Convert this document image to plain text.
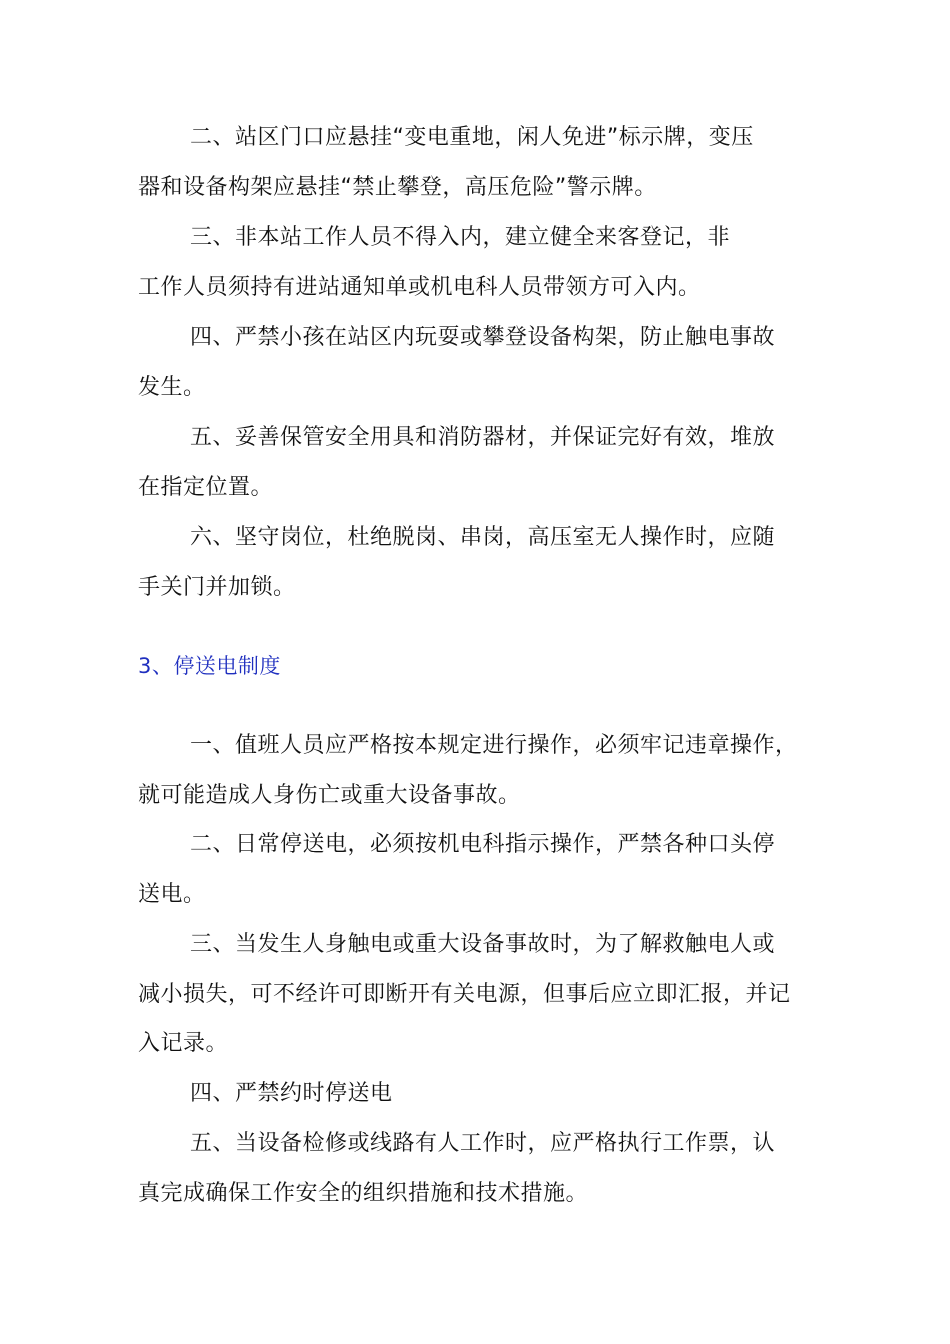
二、站区门口应悬挂“变电重地，闲人免进”标示牌，变压
器和设备构架应悬挂“禁止攀登，高压危险”警示牌。
三、非本站工作人员不得入内，建立健全来客登记，非
工作人员须持有进站通知单或机电科人员带领方可入内。
四、严禁小孩在站区内玩耍或攀登设备构架，防止触电事故
发生。
五、妥善保管安全用具和消防器材，并保证完好有效，堆放
在指定位置。
六、坚守岗位，杜绝脱岗、串岗，高压室无人操作时，应随
手关门并加锁。
3、停送电制度
一、值班人员应严格按本规定进行操作，必须牢记违章操作，
就可能造成人身伤亡或重大设备事故。
二、日常停送电，必须按机电科指示操作，严禁各种口头停
送电。
三、当发生人身触电或重大设备事故时，为了解救触电人或
减小损失，可不经许可即断开有关电源，但事后应立即汇报，并记
入记录。
四、严禁约时停送电
五、当设备检修或线路有人工作时，应严格执行工作票，认
真完成确保工作安全的组织措施和技术措施。
